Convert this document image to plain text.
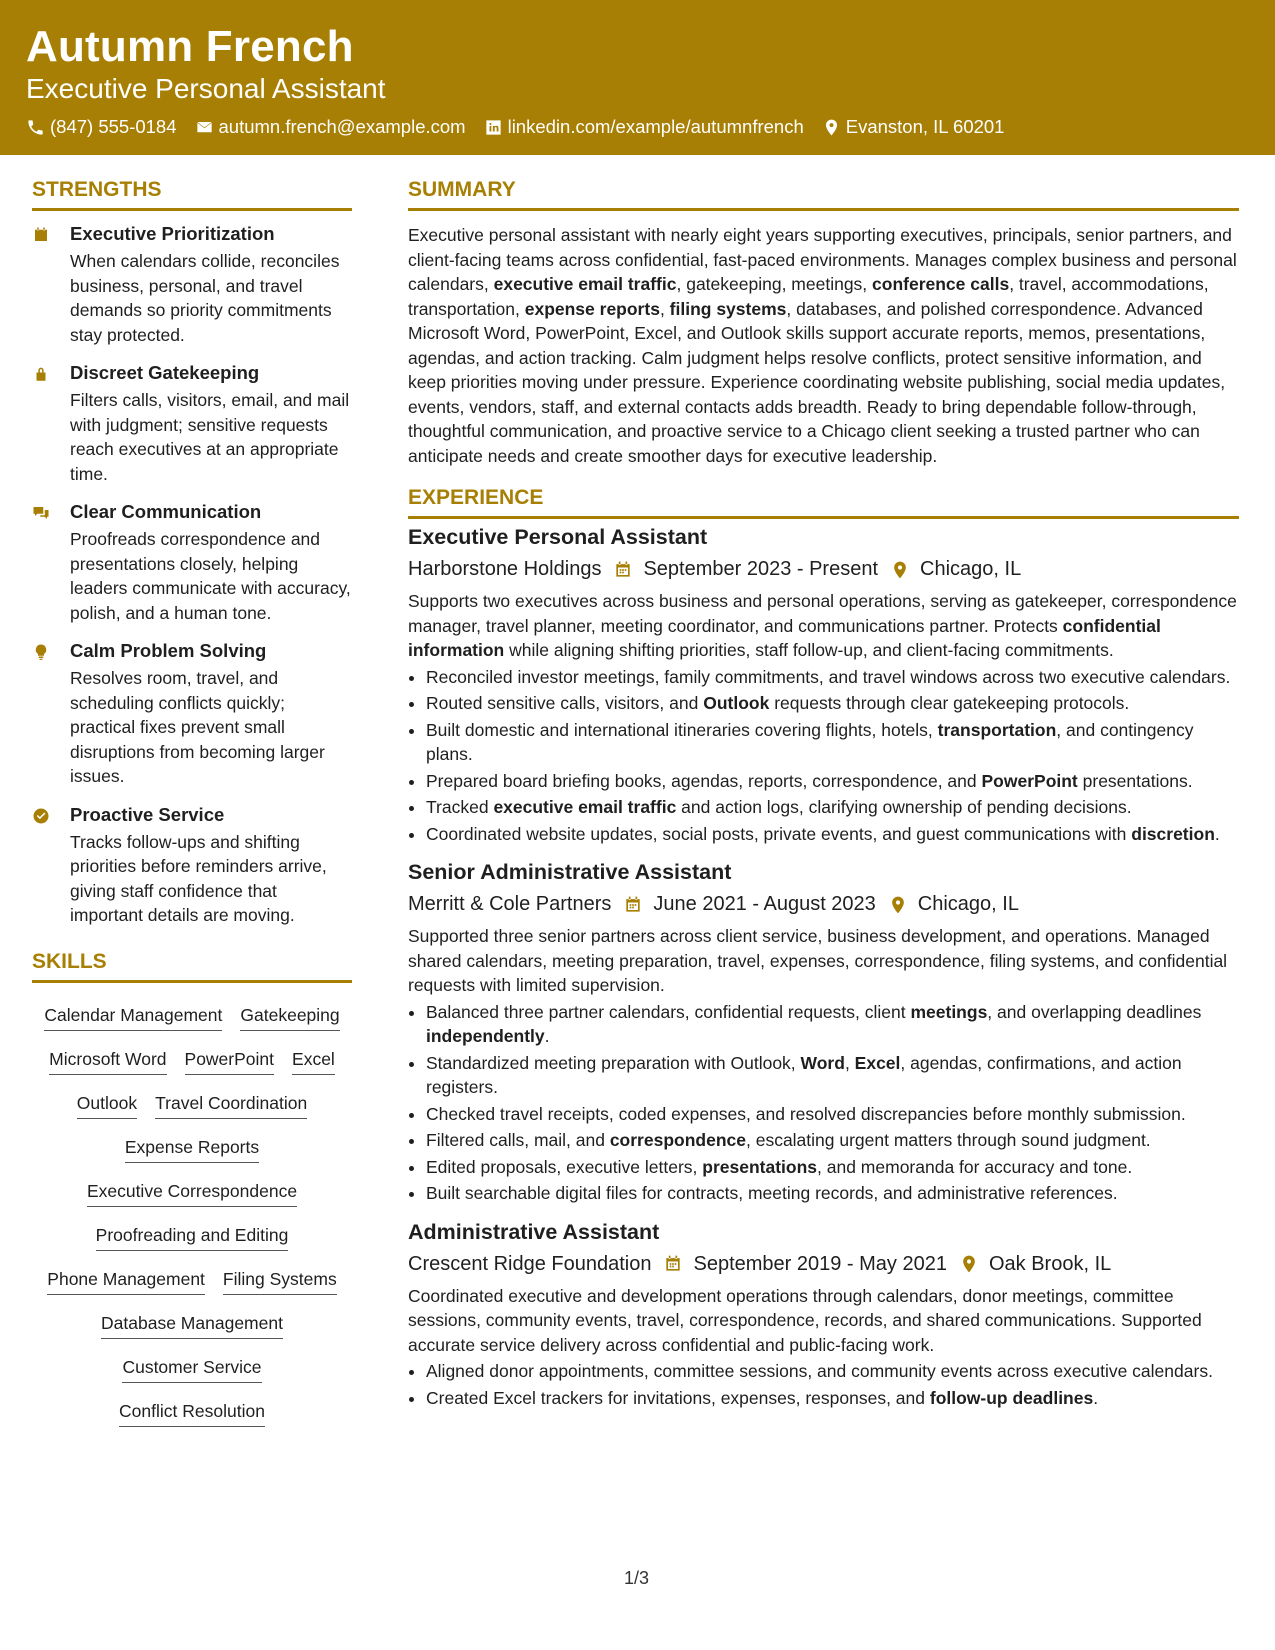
Autumn French
Executive Personal Assistant
(847) 555-0184 autumn.french@example.com linkedin.com/example/autumnfrench Evanston, IL 60201
STRENGTHS
Executive Prioritization
When calendars collide, reconciles business, personal, and travel demands so priority commitments stay protected.
Discreet Gatekeeping
Filters calls, visitors, email, and mail with judgment; sensitive requests reach executives at an appropriate time.
Clear Communication
Proofreads correspondence and presentations closely, helping leaders communicate with accuracy, polish, and a human tone.
Calm Problem Solving
Resolves room, travel, and scheduling conflicts quickly; practical fixes prevent small disruptions from becoming larger issues.
Proactive Service
Tracks follow-ups and shifting priorities before reminders arrive, giving staff confidence that important details are moving.
SKILLS
Calendar Management Gatekeeping
Microsoft Word PowerPoint Excel
Outlook Travel Coordination
Expense Reports
Executive Correspondence
Proofreading and Editing
Phone Management Filing Systems
Database Management
Customer Service
Conflict Resolution
SUMMARY
Executive personal assistant with nearly eight years supporting executives, principals, senior partners, and client-facing teams across confidential, fast-paced environments. Manages complex business and personal calendars, executive email traffic, gatekeeping, meetings, conference calls, travel, accommodations, transportation, expense reports, filing systems, databases, and polished correspondence. Advanced Microsoft Word, PowerPoint, Excel, and Outlook skills support accurate reports, memos, presentations, agendas, and action tracking. Calm judgment helps resolve conflicts, protect sensitive information, and keep priorities moving under pressure. Experience coordinating website publishing, social media updates, events, vendors, staff, and external contacts adds breadth. Ready to bring dependable follow-through, thoughtful communication, and proactive service to a Chicago client seeking a trusted partner who can anticipate needs and create smoother days for executive leadership.
EXPERIENCE
Executive Personal Assistant
Harborstone Holdings September 2023 - Present Chicago, IL
Supports two executives across business and personal operations, serving as gatekeeper, correspondence manager, travel planner, meeting coordinator, and communications partner. Protects confidential information while aligning shifting priorities, staff follow-up, and client-facing commitments.
• Reconciled investor meetings, family commitments, and travel windows across two executive calendars.
• Routed sensitive calls, visitors, and Outlook requests through clear gatekeeping protocols.
• Built domestic and international itineraries covering flights, hotels, transportation, and contingency plans.
• Prepared board briefing books, agendas, reports, correspondence, and PowerPoint presentations.
• Tracked executive email traffic and action logs, clarifying ownership of pending decisions.
• Coordinated website updates, social posts, private events, and guest communications with discretion.
Senior Administrative Assistant
Merritt & Cole Partners June 2021 - August 2023 Chicago, IL
Supported three senior partners across client service, business development, and operations. Managed shared calendars, meeting preparation, travel, expenses, correspondence, filing systems, and confidential requests with limited supervision.
• Balanced three partner calendars, confidential requests, client meetings, and overlapping deadlines independently.
• Standardized meeting preparation with Outlook, Word, Excel, agendas, confirmations, and action registers.
• Checked travel receipts, coded expenses, and resolved discrepancies before monthly submission.
• Filtered calls, mail, and correspondence, escalating urgent matters through sound judgment.
• Edited proposals, executive letters, presentations, and memoranda for accuracy and tone.
• Built searchable digital files for contracts, meeting records, and administrative references.
Administrative Assistant
Crescent Ridge Foundation September 2019 - May 2021 Oak Brook, IL
Coordinated executive and development operations through calendars, donor meetings, committee sessions, community events, travel, correspondence, records, and shared communications. Supported accurate service delivery across confidential and public-facing work.
• Aligned donor appointments, committee sessions, and community events across executive calendars.
• Created Excel trackers for invitations, expenses, responses, and follow-up deadlines.
1/3
